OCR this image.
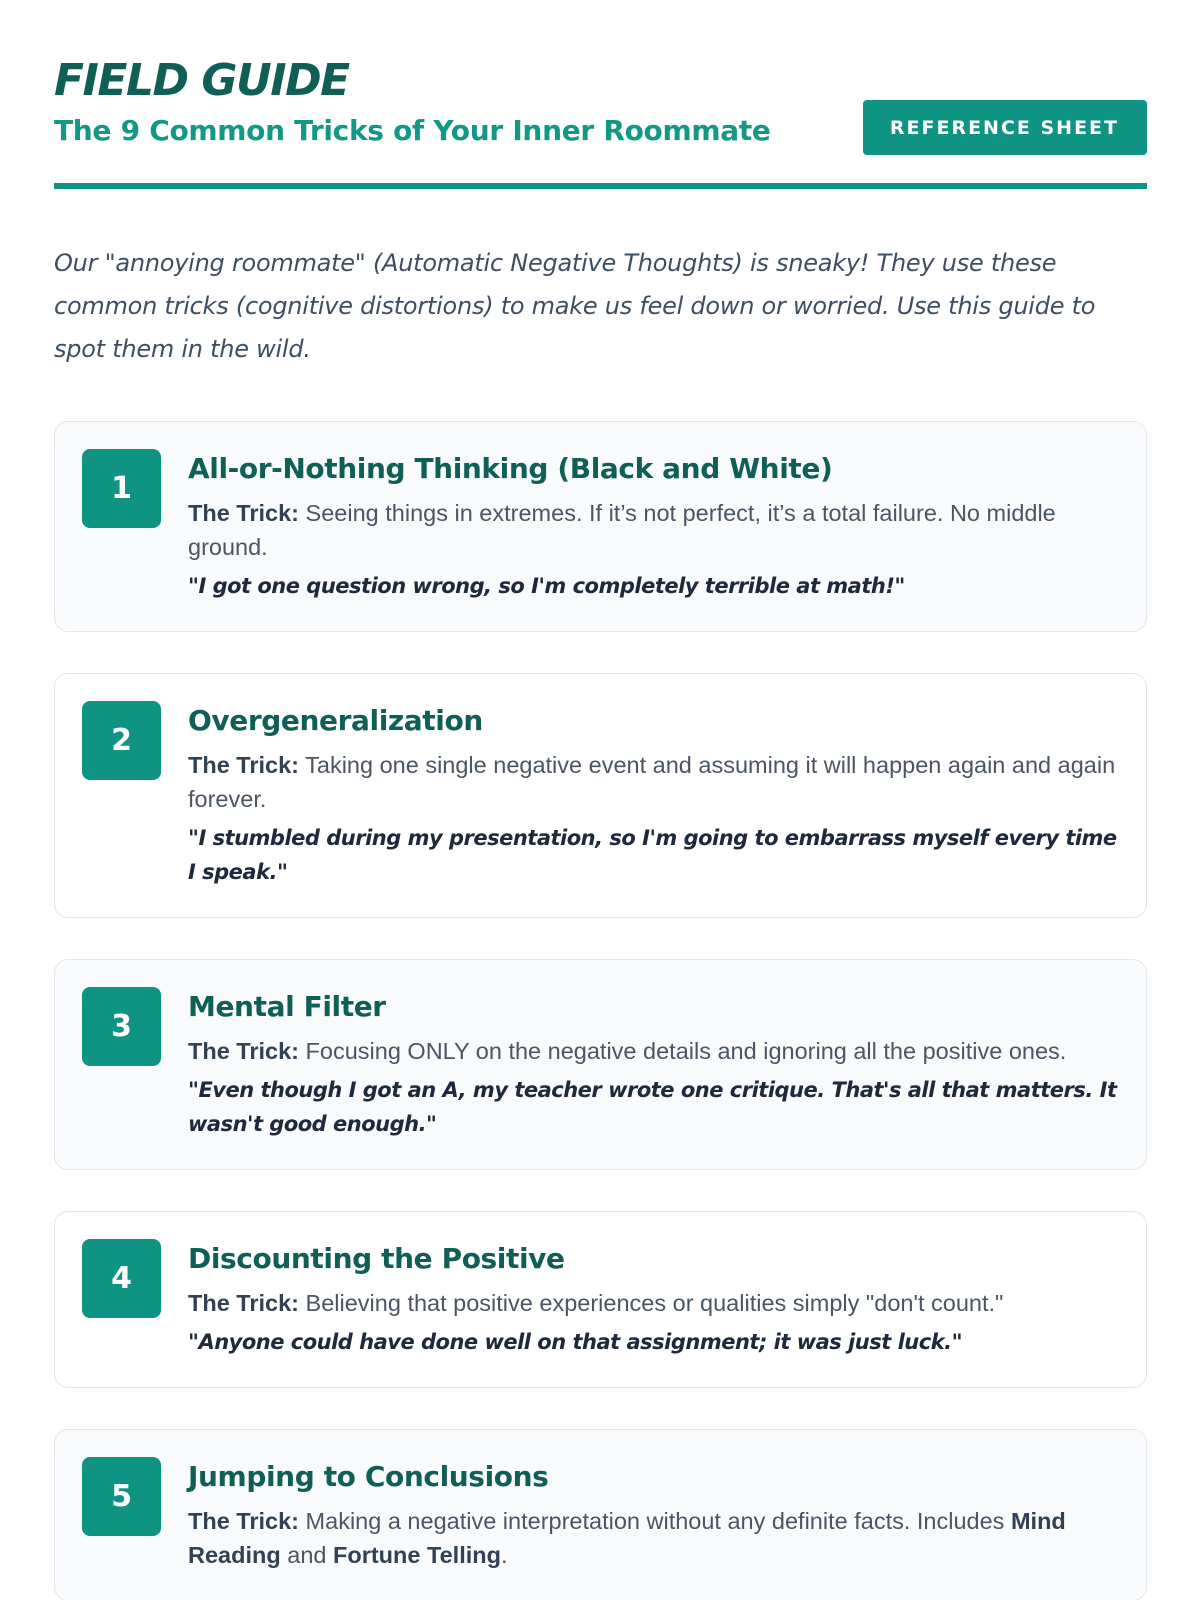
FIELD GUIDE
The 9 Common Tricks of Your Inner Roommate	REFERENCE SHEET

Our "annoying roommate" (Automatic Negative Thoughts) is sneaky! They use these common tricks (cognitive distortions) to make us feel down or worried. Use this guide to spot them in the wild.

1
All-or-Nothing Thinking (Black and White)
The Trick: Seeing things in extremes. If it’s not perfect, it’s a total failure. No middle ground.
"I got one question wrong, so I'm completely terrible at math!"
2
Overgeneralization
The Trick: Taking one single negative event and assuming it will happen again and again forever.
"I stumbled during my presentation, so I'm going to embarrass myself every time I speak."
3
Mental Filter
The Trick: Focusing ONLY on the negative details and ignoring all the positive ones.
"Even though I got an A, my teacher wrote one critique. That's all that matters. It wasn't good enough."
4
Discounting the Positive
The Trick: Believing that positive experiences or qualities simply "don't count."
"Anyone could have done well on that assignment; it was just luck."
5
Jumping to Conclusions
The Trick: Making a negative interpretation without any definite facts. Includes Mind Reading and Fortune Telling.
